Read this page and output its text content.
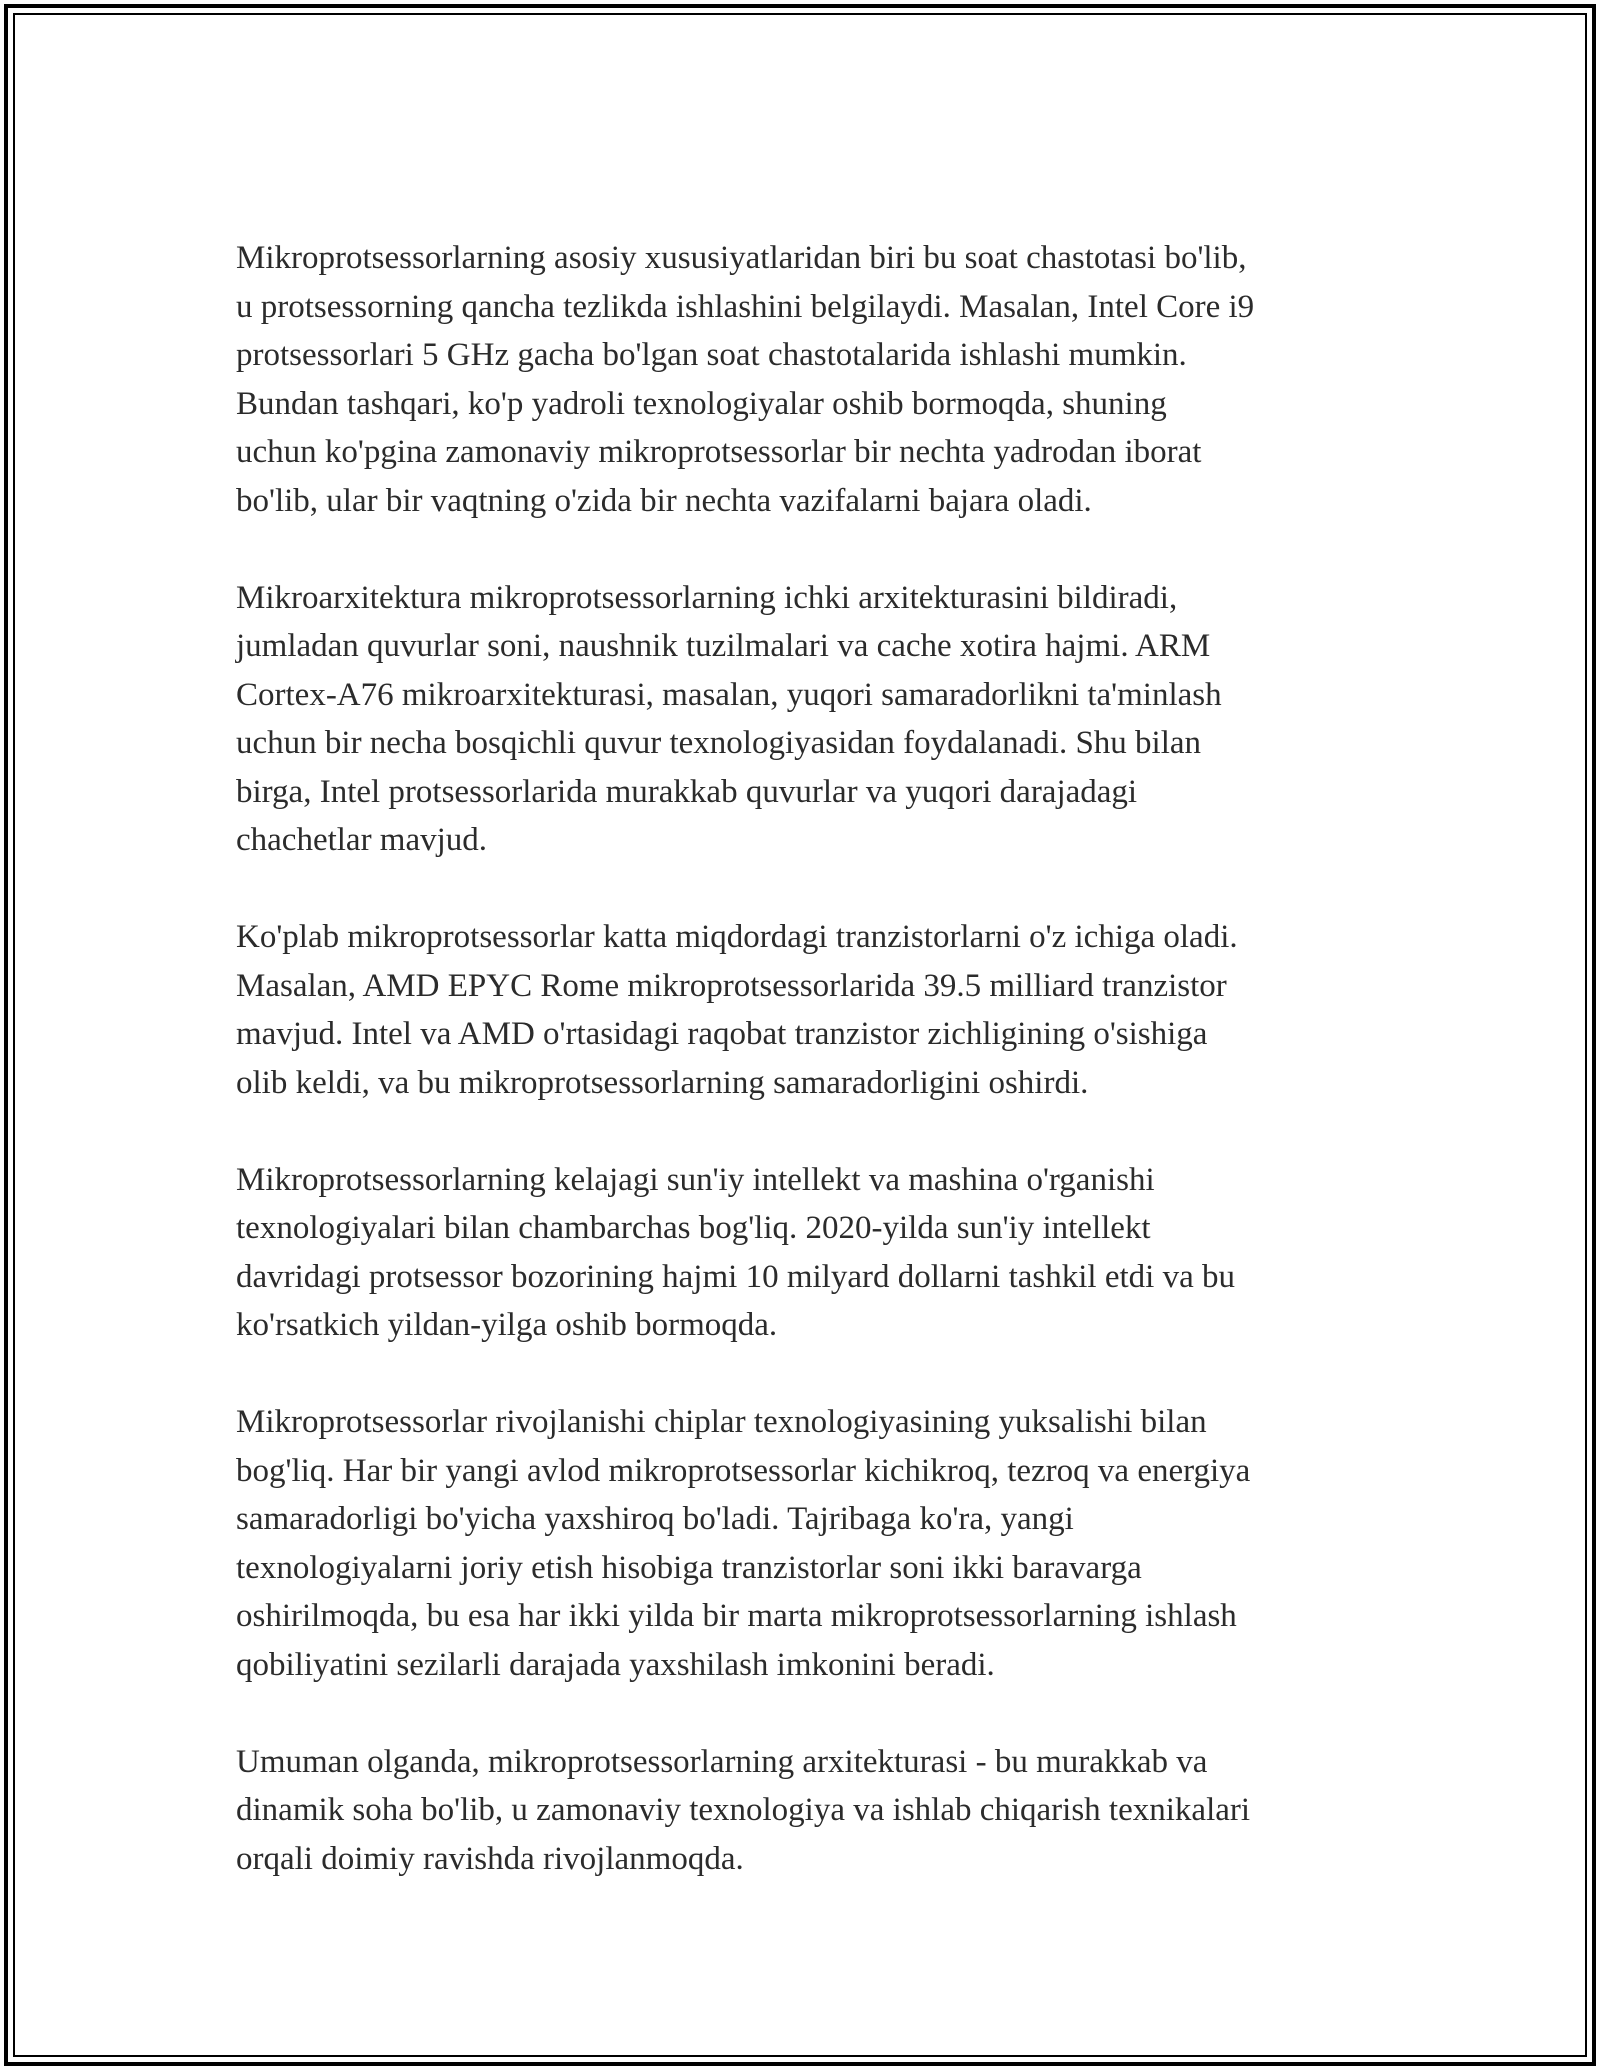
Mikroprotsessorlarning asosiy xususiyatlaridan biri bu soat chastotasi bo'lib,
u protsessorning qancha tezlikda ishlashini belgilaydi. Masalan, Intel Core i9
protsessorlari 5 GHz gacha bo'lgan soat chastotalarida ishlashi mumkin.
Bundan tashqari, ko'p yadroli texnologiyalar oshib bormoqda, shuning
uchun ko'pgina zamonaviy mikroprotsessorlar bir nechta yadrodan iborat
bo'lib, ular bir vaqtning o'zida bir nechta vazifalarni bajara oladi.

Mikroarxitektura mikroprotsessorlarning ichki arxitekturasini bildiradi,
jumladan quvurlar soni, naushnik tuzilmalari va cache xotira hajmi. ARM
Cortex-A76 mikroarxitekturasi, masalan, yuqori samaradorlikni ta'minlash
uchun bir necha bosqichli quvur texnologiyasidan foydalanadi. Shu bilan
birga, Intel protsessorlarida murakkab quvurlar va yuqori darajadagi
chachetlar mavjud.

Ko'plab mikroprotsessorlar katta miqdordagi tranzistorlarni o'z ichiga oladi.
Masalan, AMD EPYC Rome mikroprotsessorlarida 39.5 milliard tranzistor
mavjud. Intel va AMD o'rtasidagi raqobat tranzistor zichligining o'sishiga
olib keldi, va bu mikroprotsessorlarning samaradorligini oshirdi.

Mikroprotsessorlarning kelajagi sun'iy intellekt va mashina o'rganishi
texnologiyalari bilan chambarchas bog'liq. 2020-yilda sun'iy intellekt
davridagi protsessor bozorining hajmi 10 milyard dollarni tashkil etdi va bu
ko'rsatkich yildan-yilga oshib bormoqda.

Mikroprotsessorlar rivojlanishi chiplar texnologiyasining yuksalishi bilan
bog'liq. Har bir yangi avlod mikroprotsessorlar kichikroq, tezroq va energiya
samaradorligi bo'yicha yaxshiroq bo'ladi. Tajribaga ko'ra, yangi
texnologiyalarni joriy etish hisobiga tranzistorlar soni ikki baravarga
oshirilmoqda, bu esa har ikki yilda bir marta mikroprotsessorlarning ishlash
qobiliyatini sezilarli darajada yaxshilash imkonini beradi.

Umuman olganda, mikroprotsessorlarning arxitekturasi - bu murakkab va
dinamik soha bo'lib, u zamonaviy texnologiya va ishlab chiqarish texnikalari
orqali doimiy ravishda rivojlanmoqda.
